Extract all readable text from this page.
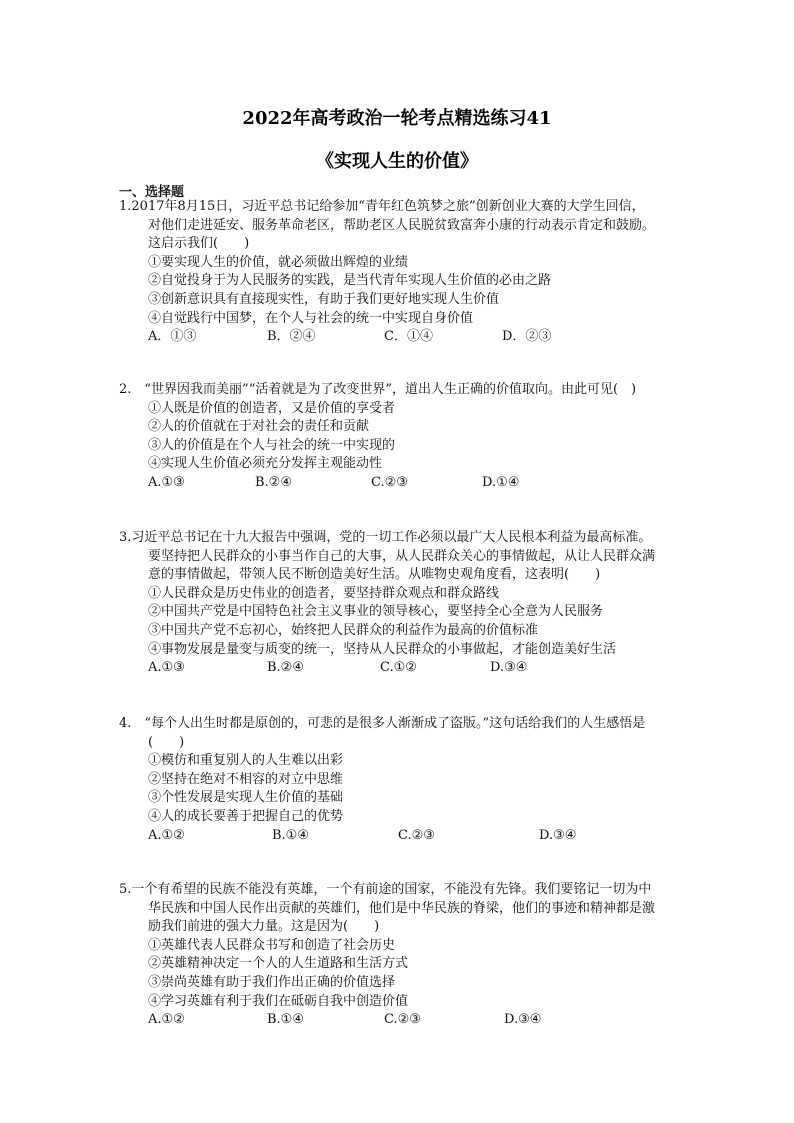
2022年高考政治一轮考点精选练习41
《实现人生的价值》
一、选择题
1.2017年8月15日，习近平总书记给参加“青年红色筑梦之旅”创新创业大赛的大学生回信，
对他们走进延安、服务革命老区，帮助老区人民脱贫致富奔小康的行动表示肯定和鼓励。
这启示我们(　　)
①要实现人生的价值，就必须做出辉煌的业绩
②自觉投身于为人民服务的实践，是当代青年实现人生价值的必由之路
③创新意识具有直接现实性，有助于我们更好地实现人生价值
④自觉践行中国梦，在个人与社会的统一中实现自身价值
A．①③	B．②④	C．①④	D．②③
2.　“世界因我而美丽”“活着就是为了改变世界”，道出人生正确的价值取向。由此可见(　)
①人既是价值的创造者，又是价值的享受者
②人的价值就在于对社会的责任和贡献
③人的价值是在个人与社会的统一中实现的
④实现人生价值必须充分发挥主观能动性
A.①③	B.②④	C.②③	D.①④
3.习近平总书记在十九大报告中强调，党的一切工作必须以最广大人民根本利益为最高标准。
要坚持把人民群众的小事当作自己的大事，从人民群众关心的事情做起，从让人民群众满
意的事情做起，带领人民不断创造美好生活。从唯物史观角度看，这表明(　　)
①人民群众是历史伟业的创造者，要坚持群众观点和群众路线
②中国共产党是中国特色社会主义事业的领导核心，要坚持全心全意为人民服务
③中国共产党不忘初心，始终把人民群众的利益作为最高的价值标准
④事物发展是量变与质变的统一，坚持从人民群众的小事做起，才能创造美好生活
A.①③	B.②④	C.①②	D.③④
4.　“每个人出生时都是原创的，可悲的是很多人渐渐成了盗版。”这句话给我们的人生感悟是
(　　)
①模仿和重复别人的人生难以出彩
②坚持在绝对不相容的对立中思维
③个性发展是实现人生价值的基础
④人的成长要善于把握自己的优势
A.①②	B.①④	C.②③	D.③④
5.一个有希望的民族不能没有英雄，一个有前途的国家，不能没有先锋。我们要铭记一切为中
华民族和中国人民作出贡献的英雄们，他们是中华民族的脊梁，他们的事迹和精神都是激
励我们前进的强大力量。这是因为(　　)
①英雄代表人民群众书写和创造了社会历史
②英雄精神决定一个人的人生道路和生活方式
③崇尚英雄有助于我们作出正确的价值选择
④学习英雄有利于我们在砥砺自我中创造价值
A.①②	B.①④	C.②③	D.③④
